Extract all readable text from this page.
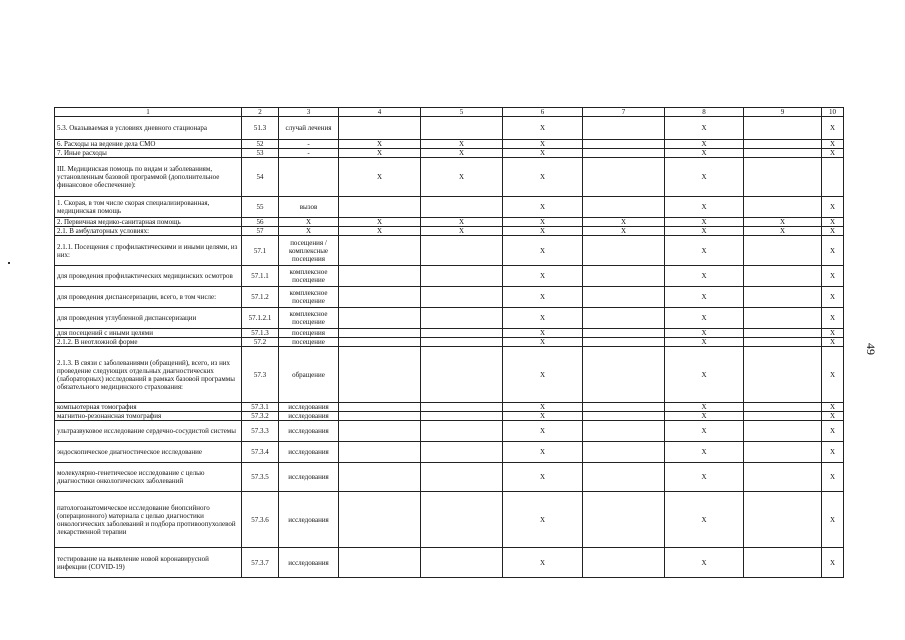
1	2	3	4	5	6	7	8	9	10
5.3. Оказываемая в условиях дневного стационара	51.3	случай лечения			X		X		X
6. Расходы на ведение дела СМО	52	-	X	X	X		X		X
7. Иные расходы	53	-	X	X	X		X		X
III. Медицинская помощь по видам и заболеваниям, установленным базовой программой (дополнительное финансовое обеспечение):	54		X	X	X		X		
1. Скорая, в том числе скорая специализированная, медицинская помощь	55	вызов			X		X		X
2. Первичная медико-санитарная помощь	56	X	X	X	X	X	X	X	X
2.1. В амбулаторных условиях:	57	X	X	X	X	X	X	X	X
2.1.1. Посещения с профилактическими и иными целями, из них:	57.1	посещения / комплексные посещения			X		X		X
для проведения профилактических медицинских осмотров	57.1.1	комплексное посещение			X		X		X
для проведения диспансеризации, всего, в том числе:	57.1.2	комплексное посещение			X		X		X
для проведения углубленной диспансеризации	57.1.2.1	комплексное посещение			X		X		X
для посещений с иными целями	57.1.3	посещения			X		X		X
2.1.2. В неотложной форме	57.2	посещение			X		X		X
2.1.3. В связи с заболеваниями (обращений), всего, из них проведение следующих отдельных диагностических (лабораторных) исследований в рамках базовой программы обязательного медицинского страхования:	57.3	обращение			X		X		X
компьютерная томография	57.3.1	исследования			X		X		X
магнитно-резонансная томография	57.3.2	исследования			X		X		X
ультразвуковое исследование сердечно-сосудистой системы	57.3.3	исследования			X		X		X
эндоскопическое диагностическое исследование	57.3.4	исследования			X		X		X
молекулярно-генетическое исследование с целью диагностики онкологических заболеваний	57.3.5	исследования			X		X		X
патологоанатомическое исследование биопсийного (операционного) материала с целью диагностики онкологических заболеваний и подбора противоопухолевой лекарственной терапии	57.3.6	исследования			X		X		X
тестирование на выявление новой коронавирусной инфекции (COVID-19)	57.3.7	исследования			X		X		X
49
